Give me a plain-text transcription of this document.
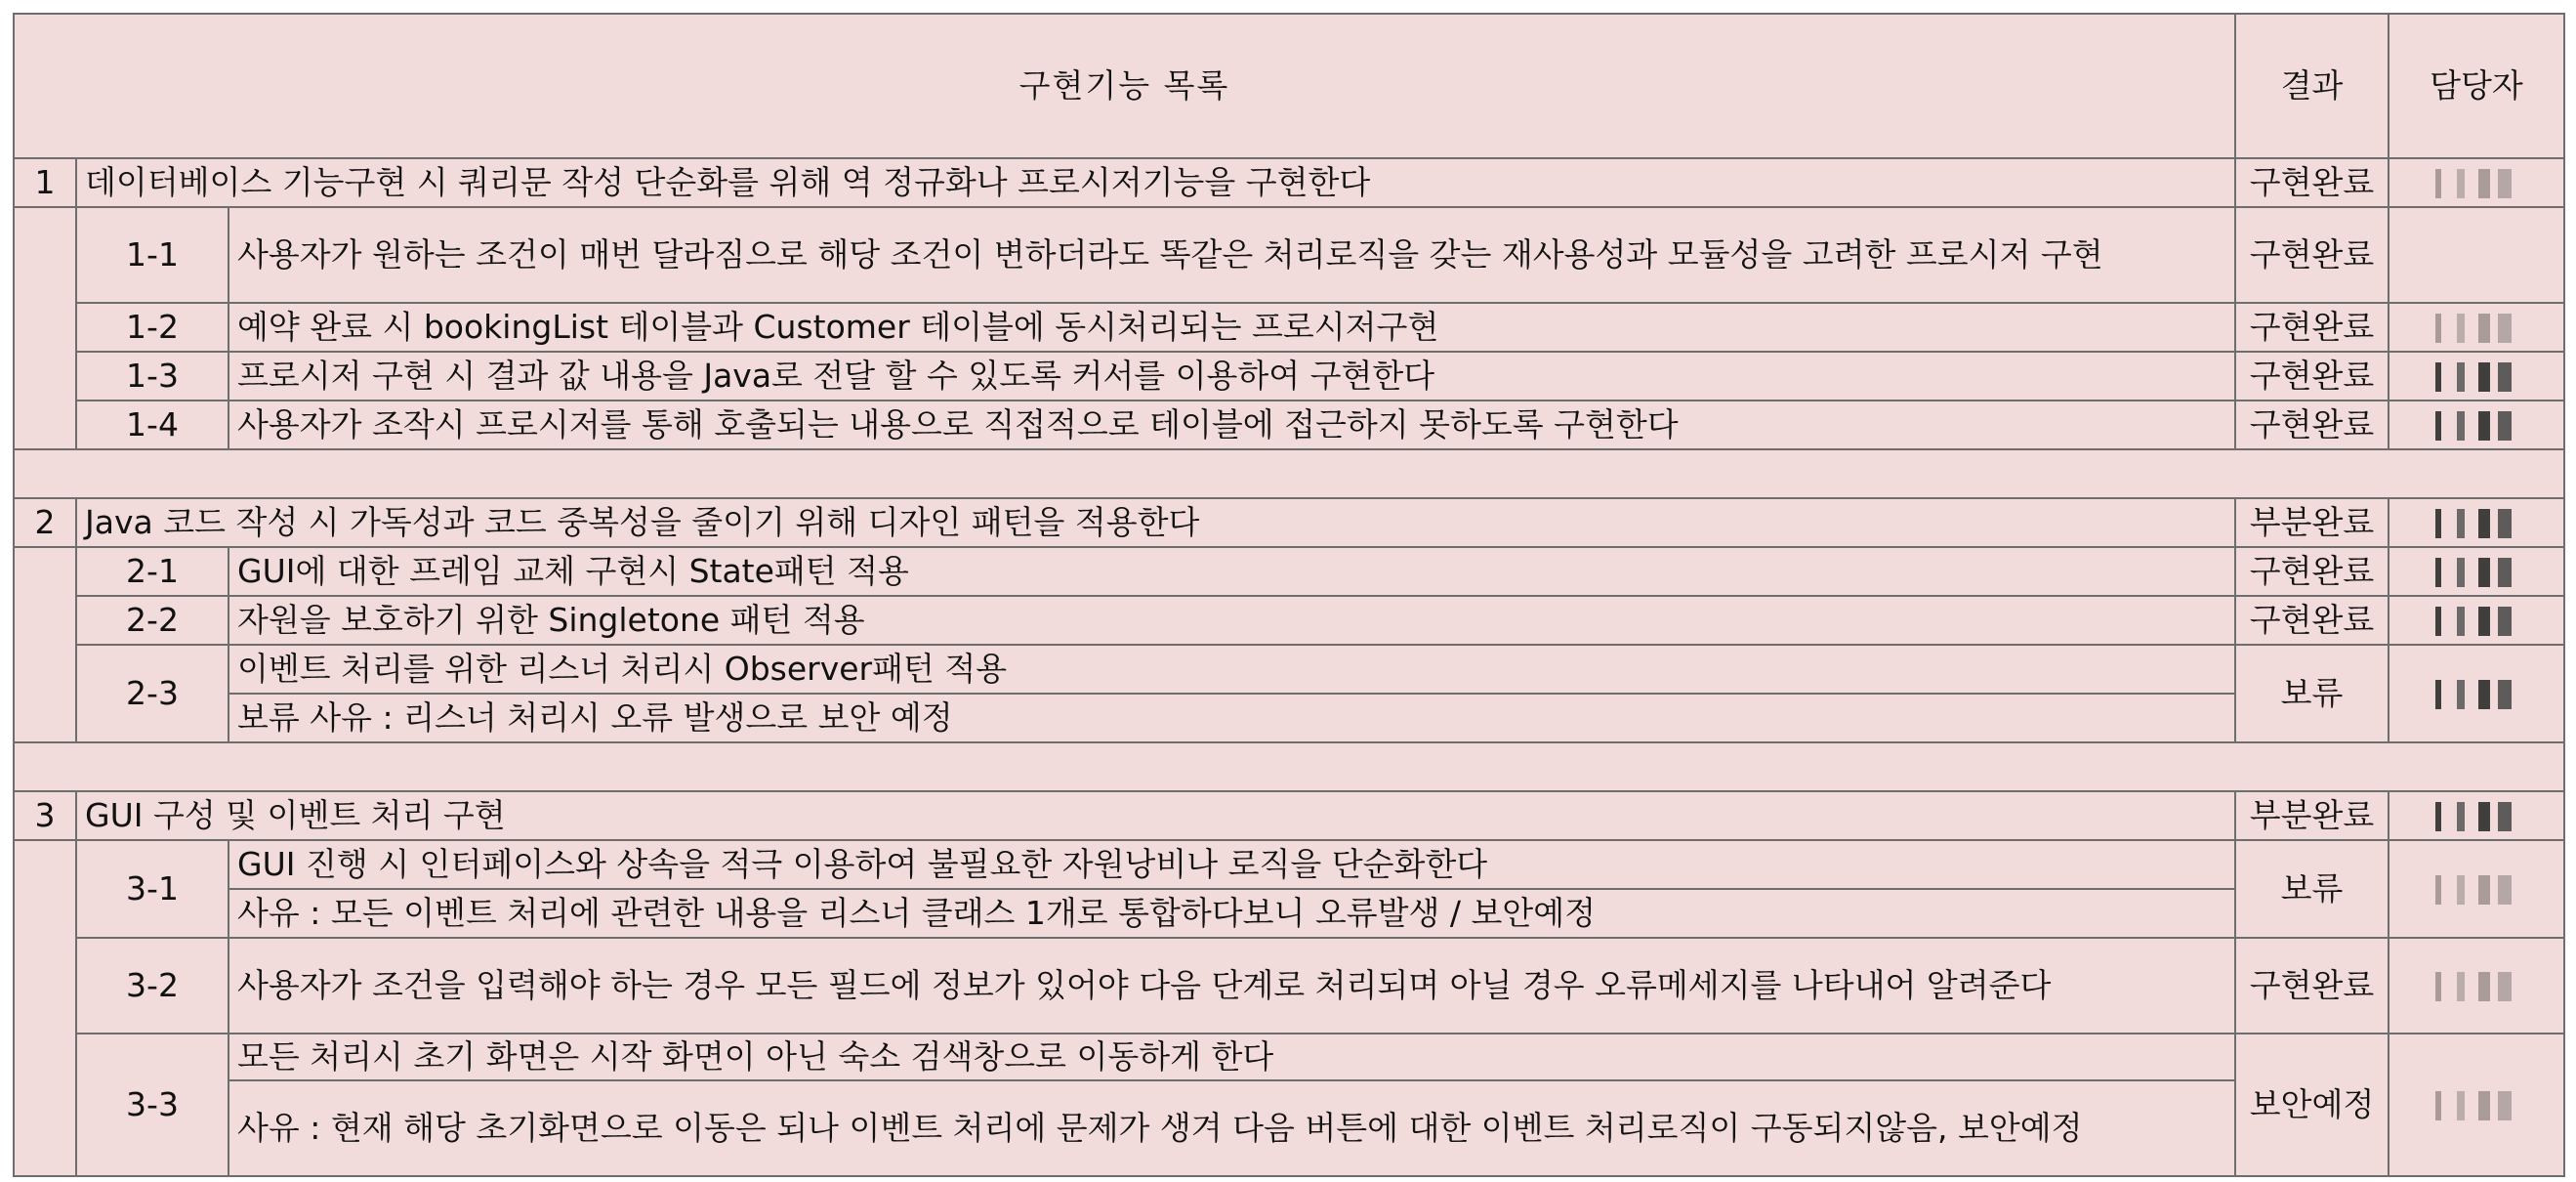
구현기능 목록			결과	담당자
1	데이터베이스 기능구현 시 쿼리문 작성 단순화를 위해 역 정규화나 프로시저기능을 구현한다		구현완료	
	1-1	사용자가 원하는 조건이 매번 달라짐으로 해당 조건이 변하더라도 똑같은 처리로직을 갖는 재사용성과 모듈성을 고려한 프로시저 구현	구현완료	
	1-2	예약 완료 시 bookingList 테이블과 Customer 테이블에 동시처리되는 프로시저구현	구현완료	
	1-3	프로시저 구현 시 결과 값 내용을 Java로 전달 할 수 있도록 커서를 이용하여 구현한다	구현완료	
	1-4	사용자가 조작시 프로시저를 통해 호출되는 내용으로 직접적으로 테이블에 접근하지 못하도록 구현한다	구현완료	

2	Java 코드 작성 시 가독성과 코드 중복성을 줄이기 위해 디자인 패턴을 적용한다		부분완료	
	2-1	GUI에 대한 프레임 교체 구현시 State패턴 적용	구현완료	
	2-2	자원을 보호하기 위한 Singletone 패턴 적용	구현완료	
	2-3	이벤트 처리를 위한 리스너 처리시 Observer패턴 적용	보류	
		보류 사유 : 리스너 처리시 오류 발생으로 보안 예정		

3	GUI 구성 및 이벤트 처리 구현		부분완료	
	3-1	GUI 진행 시 인터페이스와 상속을 적극 이용하여 불필요한 자원낭비나 로직을 단순화한다	보류	
		사유 : 모든 이벤트 처리에 관련한 내용을 리스너 클래스 1개로 통합하다보니 오류발생 / 보안예정		
	3-2	사용자가 조건을 입력해야 하는 경우 모든 필드에 정보가 있어야 다음 단계로 처리되며 아닐 경우 오류메세지를 나타내어 알려준다	구현완료	
	3-3	모든 처리시 초기 화면은 시작 화면이 아닌 숙소 검색창으로 이동하게 한다	보안예정	
		사유 : 현재 해당 초기화면으로 이동은 되나 이벤트 처리에 문제가 생겨 다음 버튼에 대한 이벤트 처리로직이 구동되지않음, 보안예정		
